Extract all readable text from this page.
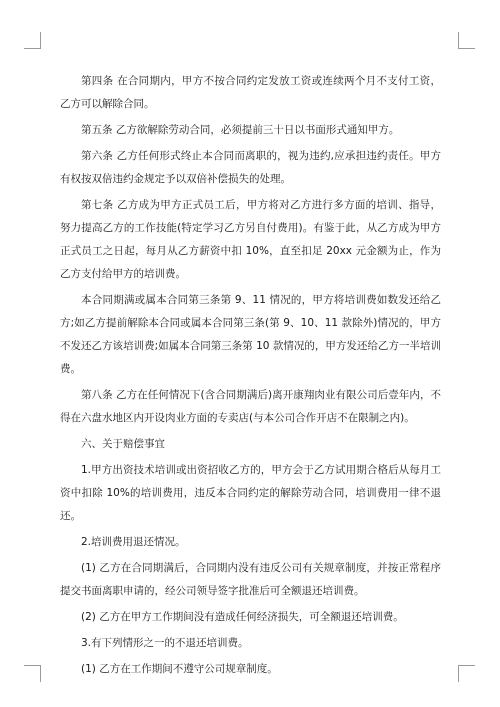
第四条 在合同期内，甲方不按合同约定发放工资或连续两个月不支付工资，乙方可以解除合同。

第五条 乙方欲解除劳动合同，必须提前三十日以书面形式通知甲方。

第六条 乙方任何形式终止本合同而离职的，视为违约,应承担违约责任。甲方有权按双倍违约金规定予以双倍补偿损失的处理。

第七条 乙方成为甲方正式员工后，甲方将对乙方进行多方面的培训、指导，努力提高乙方的工作技能(特定学习乙方另自付费用)。有鉴于此，从乙方成为甲方正式员工之日起，每月从乙方薪资中扣 10%，直至扣足 20xx 元金额为止，作为乙方支付给甲方的培训费。

本合同期满或属本合同第三条第 9、11 情况的，甲方将培训费如数发还给乙方;如乙方提前解除本合同或属本合同第三条(第 9、10、11 款除外)情况的，甲方不发还乙方该培训费;如属本合同第三条第 10 款情况的，甲方发还给乙方一半培训费。

第八条 乙方在任何情况下(含合同期满后)离开康翔肉业有限公司后壹年内，不得在六盘水地区内开设肉业方面的专卖店(与本公司合作开店不在限制之内)。

六、关于赔偿事宜

1.甲方出资技术培训或出资招收乙方的，甲方会于乙方试用期合格后从每月工资中扣除 10%的培训费用，违反本合同约定的解除劳动合同，培训费用一律不退还。

2.培训费用退还情况。

(1) 乙方在合同期满后，合同期内没有违反公司有关规章制度，并按正常程序提交书面离职申请的，经公司领导签字批准后可全额退还培训费。

(2) 乙方在甲方工作期间没有造成任何经济损失，可全额退还培训费。

3.有下列情形之一的不退还培训费。

(1) 乙方在工作期间不遵守公司规章制度。
